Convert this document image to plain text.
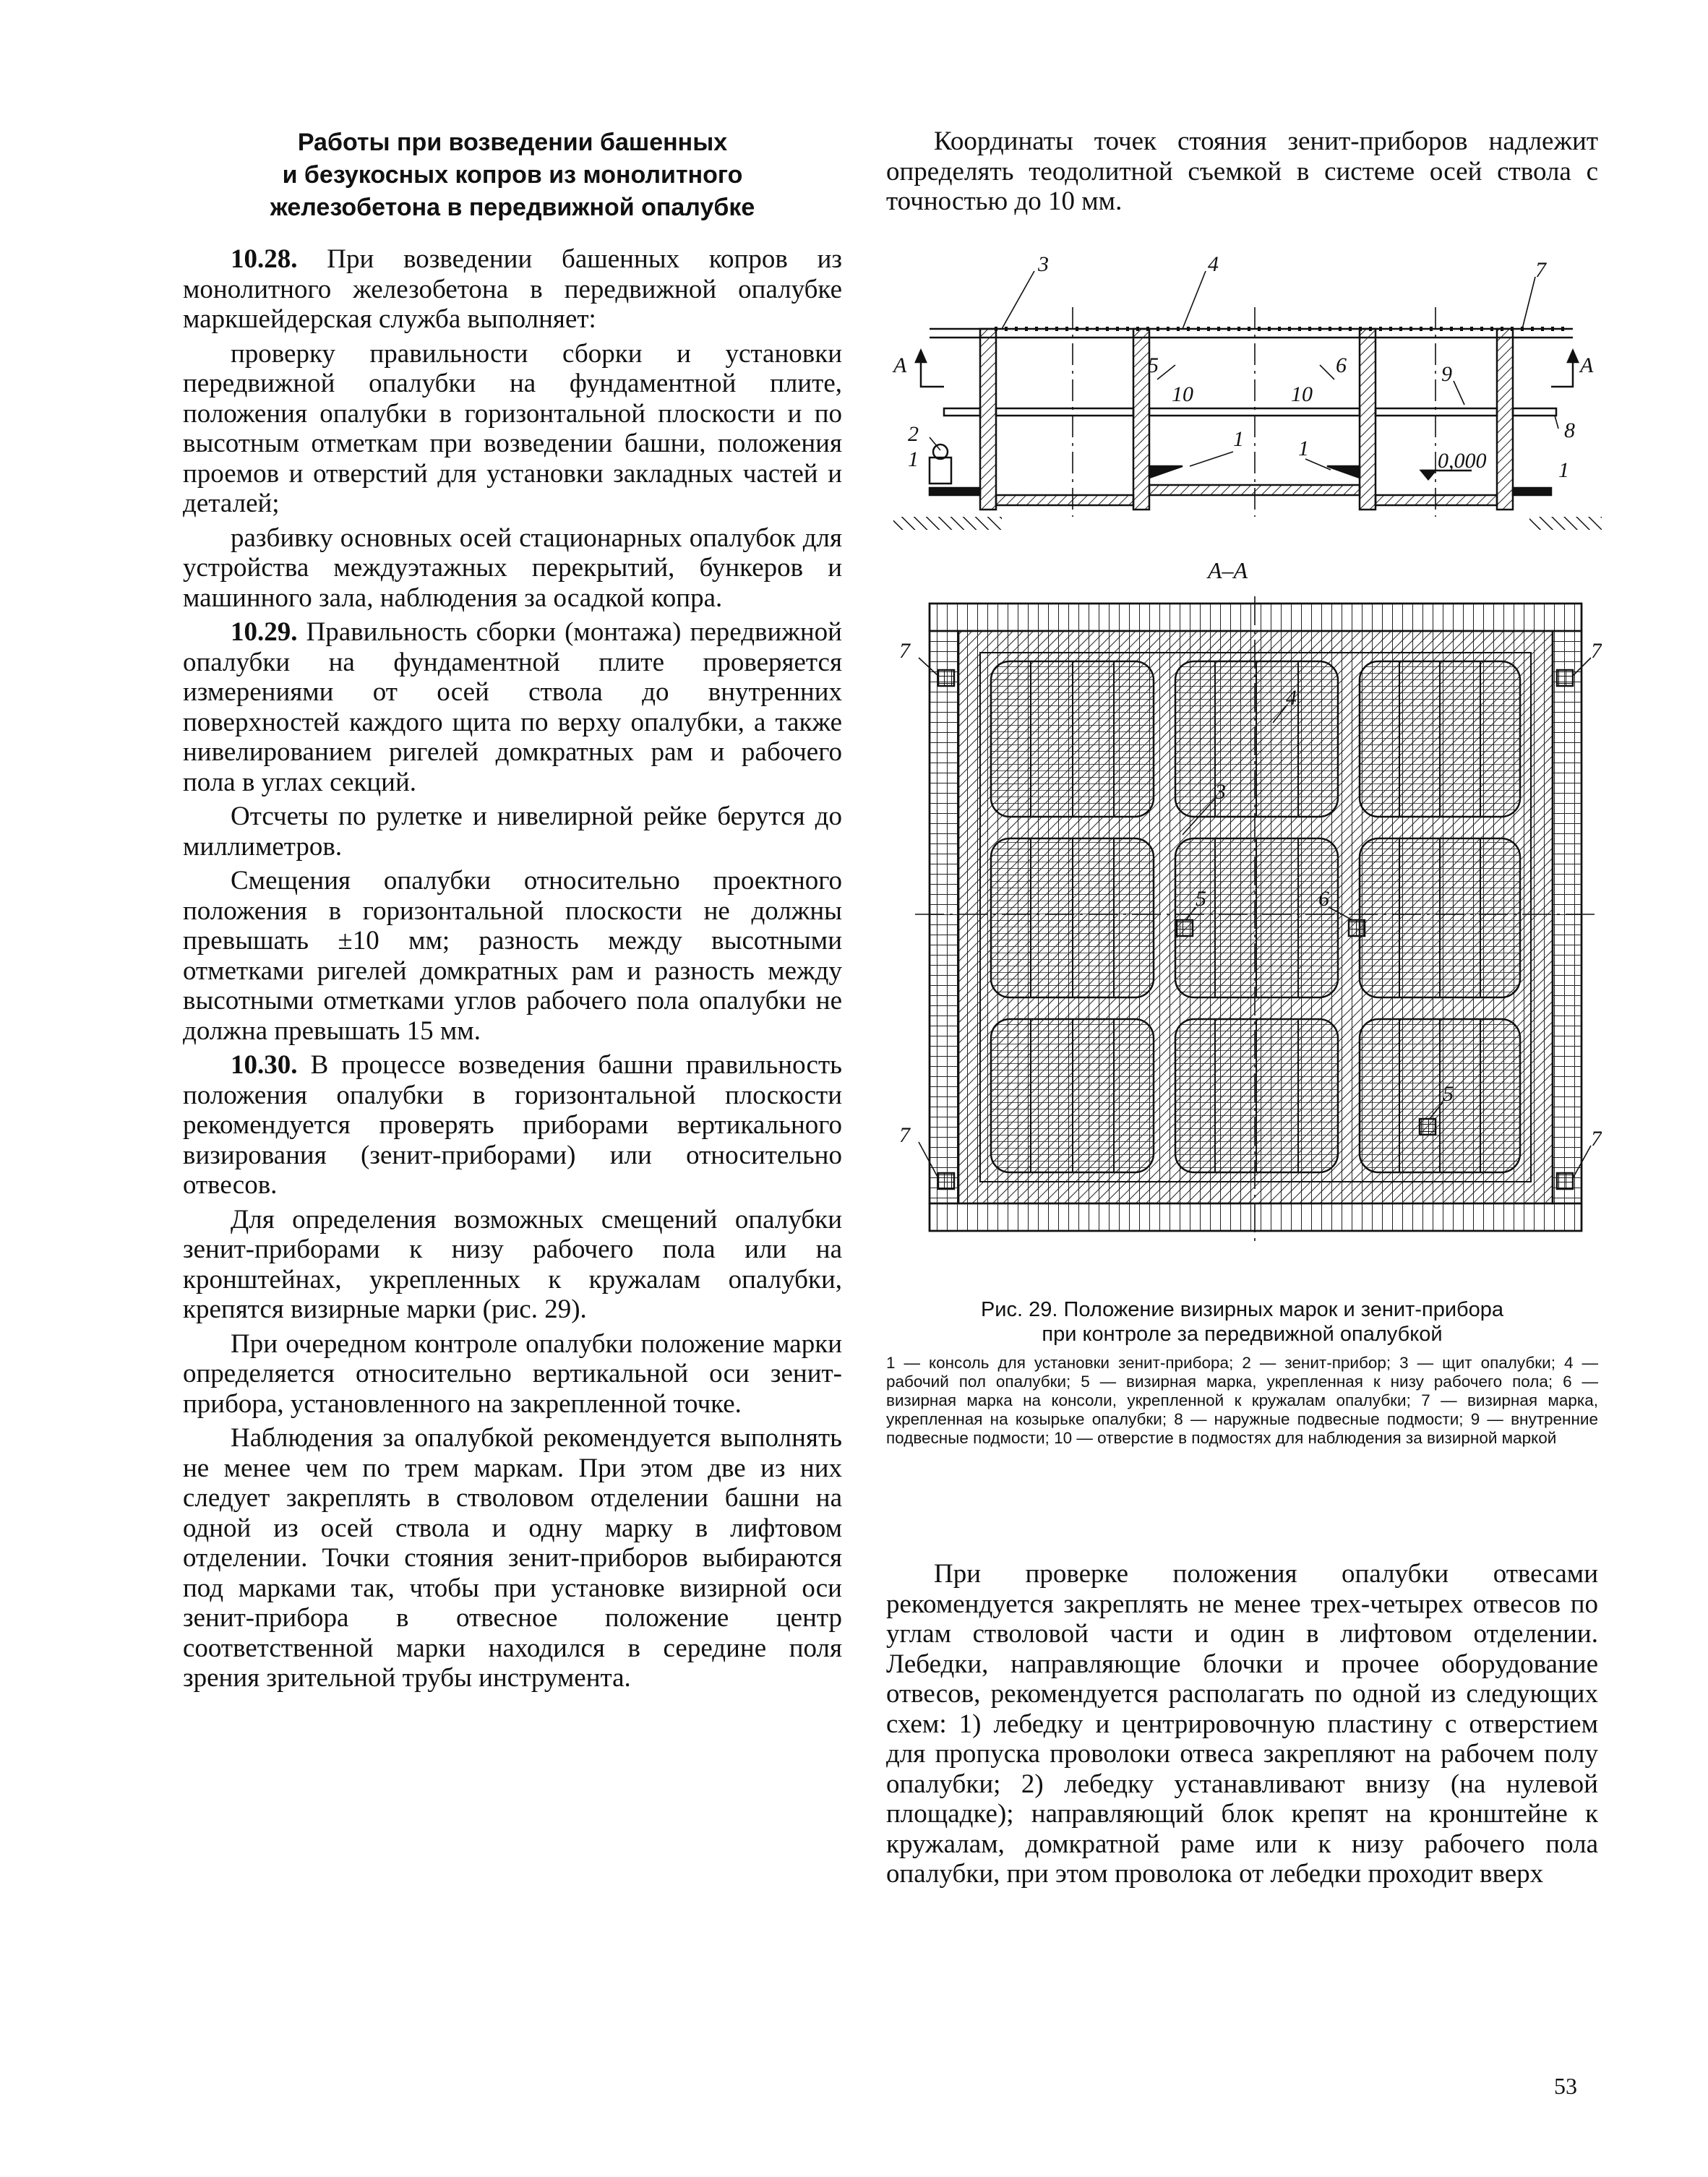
Работы при возведении башенных
и безукосных копров из монолитного
железобетона в передвижной опалубке

10.28. При возведении башенных копров из монолитного железобетона в передвижной опалубке маркшейдерская служба выполняет:

проверку правильности сборки и установки передвижной опалубки на фундаментной плите, положения опалубки в горизонтальной плоскости и по высотным отметкам при возведении башни, положения проемов и отверстий для установки закладных частей и деталей;

разбивку основных осей стационарных опалубок для устройства междуэтажных перекрытий, бункеров и машинного зала, наблюдения за осадкой копра.

10.29. Правильность сборки (монтажа) передвижной опалубки на фундаментной плите проверяется измерениями от осей ствола до внутренних поверхностей каждого щита по верху опалубки, а также нивелированием ригелей домкратных рам и рабочего пола в углах секций.

Отсчеты по рулетке и нивелирной рейке берутся до миллиметров.

Смещения опалубки относительно проектного положения в горизонтальной плоскости не должны превышать ±10 мм; разность между высотными отметками ригелей домкратных рам и разность между высотными отметками углов рабочего пола опалубки не должна превышать 15 мм.

10.30. В процессе возведения башни правильность положения опалубки в горизонтальной плоскости рекомендуется проверять приборами вертикального визирования (зенит-приборами) или относительно отвесов.

Для определения возможных смещений опалубки зенит-приборами к низу рабочего пола или на кронштейнах, укрепленных к кружалам опалубки, крепятся визирные марки (рис. 29).

При очередном контроле опалубки положение марки определяется относительно вертикальной оси зенит-прибора, установленного на закрепленной точке.

Наблюдения за опалубкой рекомендуется выполнять не менее чем по трем маркам. При этом две из них следует закреплять в стволовом отделении башни на одной из осей ствола и одну марку в лифтовом отделении. Точки стояния зенит-приборов выбираются под марками так, чтобы при установке визирной оси зенит-прибора в отвесное положение центр соответственной марки находился в середине поля зрения зрительной трубы инструмента.

Координаты точек стояния зенит-приборов надлежит определять теодолитной съемкой в системе осей ствола с точностью до 10 мм.

3	4	7
5	6
10	10
9
8
2
1
1	1
1
0,000
А	А
А–А
7	7
7	7
4
3
5	6
5
Рис. 29. Положение визирных марок и зенит-прибора
при контроле за передвижной опалубкой
1 — консоль для установки зенит-прибора; 2 — зенит-прибор; 3 — щит опалубки; 4 — рабочий пол опалубки; 5 — визирная марка, укрепленная к низу рабочего пола; 6 — визирная марка на консоли, укрепленной к кружалам опалубки; 7 — визирная марка, укрепленная на козырьке опалубки; 8 — наружные подвесные подмости; 9 — внутренние подвесные подмости; 10 — отверстие в подмостях для наблюдения за визирной маркой

При проверке положения опалубки отвесами рекомендуется закреплять не менее трех-четырех отвесов по углам стволовой части и один в лифтовом отделении. Лебедки, направляющие блочки и прочее оборудование отвесов, рекомендуется располагать по одной из следующих схем: 1) лебедку и центрировочную пластину с отверстием для пропуска проволоки отвеса закрепляют на рабочем полу опалубки; 2) лебедку устанавливают внизу (на нулевой площадке); направляющий блок крепят на кронштейне к кружалам, домкратной раме или к низу рабочего пола опалубки, при этом проволока от лебедки проходит вверх

53
